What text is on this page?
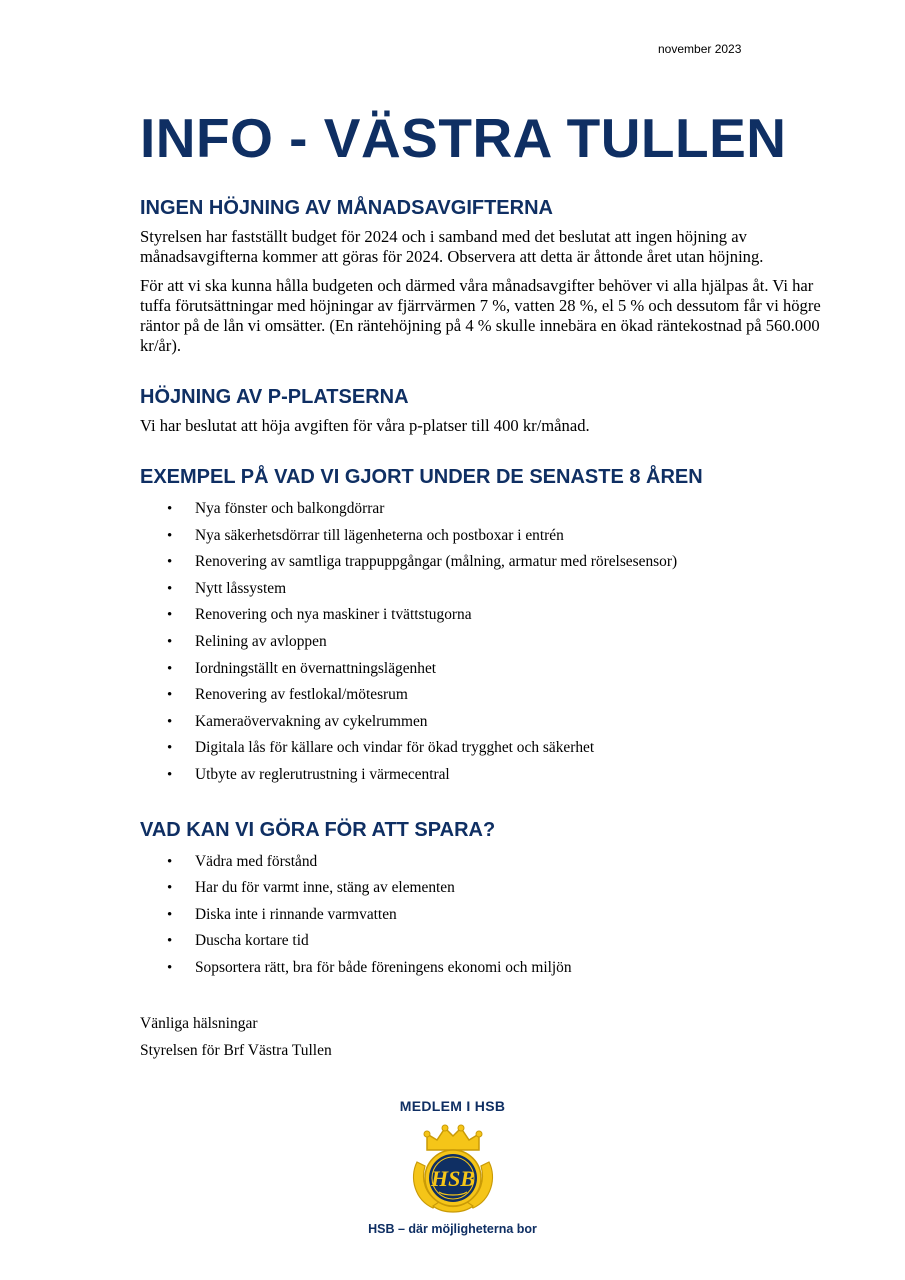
november 2023
INFO - VÄSTRA TULLEN
INGEN HÖJNING AV MÅNADSAVGIFTERNA

Styrelsen har fastställt budget för 2024 och i samband med det beslutat att ingen höjning av månadsavgifterna kommer att göras för 2024. Observera att detta är åttonde året utan höjning.

För att vi ska kunna hålla budgeten och därmed våra månadsavgifter behöver vi alla hjälpas åt. Vi har tuffa förutsättningar med höjningar av fjärrvärmen 7 %, vatten 28 %, el 5 % och dessutom får vi högre räntor på de lån vi omsätter. (En räntehöjning på 4 % skulle innebära en ökad räntekostnad på 560.000 kr/år).

HÖJNING AV P-PLATSERNA

Vi har beslutat att höja avgiften för våra p-platser till 400 kr/månad.

EXEMPEL PÅ VAD VI GJORT UNDER DE SENASTE 8 ÅREN
• Nya fönster och balkongdörrar
• Nya säkerhetsdörrar till lägenheterna och postboxar i entrén
• Renovering av samtliga trappuppgångar (målning, armatur med rörelsesensor)
• Nytt låssystem
• Renovering och nya maskiner i tvättstugorna
• Relining av avloppen
• Iordningställt en övernattningslägenhet
• Renovering av festlokal/mötesrum
• Kameraövervakning av cykelrummen
• Digitala lås för källare och vindar för ökad trygghet och säkerhet
• Utbyte av reglerutrustning i värmecentral
VAD KAN VI GÖRA FÖR ATT SPARA?
• Vädra med förstånd
• Har du för varmt inne, stäng av elementen
• Diska inte i rinnande varmvatten
• Duscha kortare tid
• Sopsortera rätt, bra för både föreningens ekonomi och miljön
Vänliga hälsningar
Styrelsen för Brf Västra Tullen
MEDLEM I HSB
HSB
HSB – där möjligheterna bor
